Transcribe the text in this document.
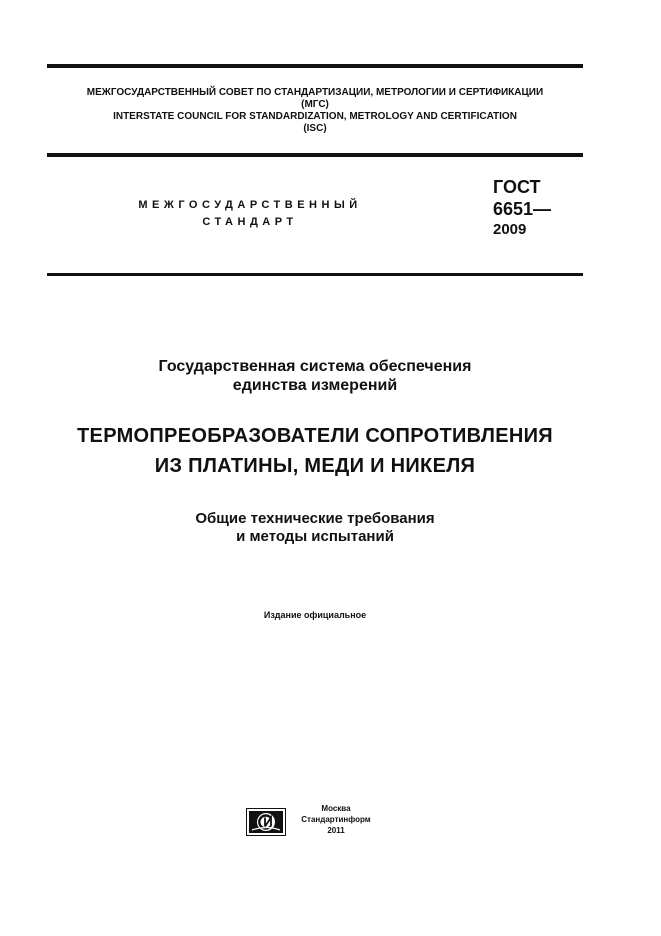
МЕЖГОСУДАРСТВЕННЫЙ СОВЕТ ПО СТАНДАРТИЗАЦИИ, МЕТРОЛОГИИ И СЕРТИФИКАЦИИ
(МГС)
INTERSTATE COUNCIL FOR STANDARDIZATION, METROLOGY AND CERTIFICATION
(ISC)
МЕЖГОСУДАРСТВЕННЫЙ
СТАНДАРТ
ГОСТ
6651—
2009
Государственная система обеспечения
единства измерений
ТЕРМОПРЕОБРАЗОВАТЕЛИ СОПРОТИВЛЕНИЯ
ИЗ ПЛАТИНЫ, МЕДИ И НИКЕЛЯ
Общие технические требования
и методы испытаний
Издание официальное
Москва
Стандартинформ
2011
